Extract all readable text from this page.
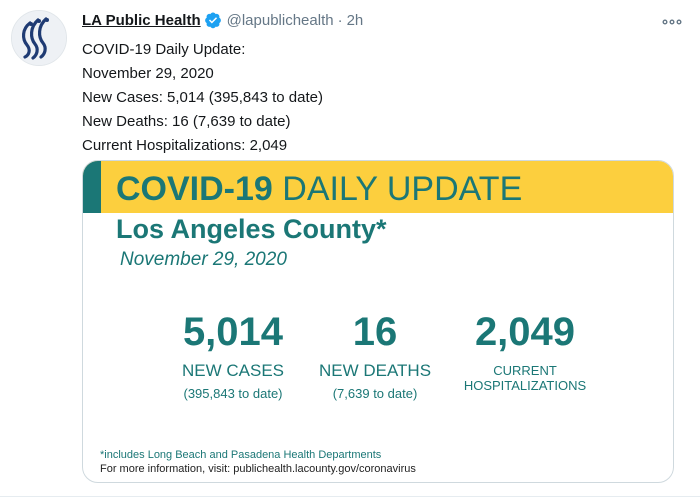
LA Public Health @lapublichealth · 2h
COVID-19 Daily Update:
November 29, 2020
New Cases: 5,014 (395,843 to date)
New Deaths: 16 (7,639 to date)
Current Hospitalizations: 2,049
COVID-19 DAILY UPDATE
Los Angeles County*
November 29, 2020
5,014
NEW CASES
(395,843 to date)
16
NEW DEATHS
(7,639 to date)
2,049
CURRENT
HOSPITALIZATIONS
*includes Long Beach and Pasadena Health Departments
For more information, visit: publichealth.lacounty.gov/coronavirus
